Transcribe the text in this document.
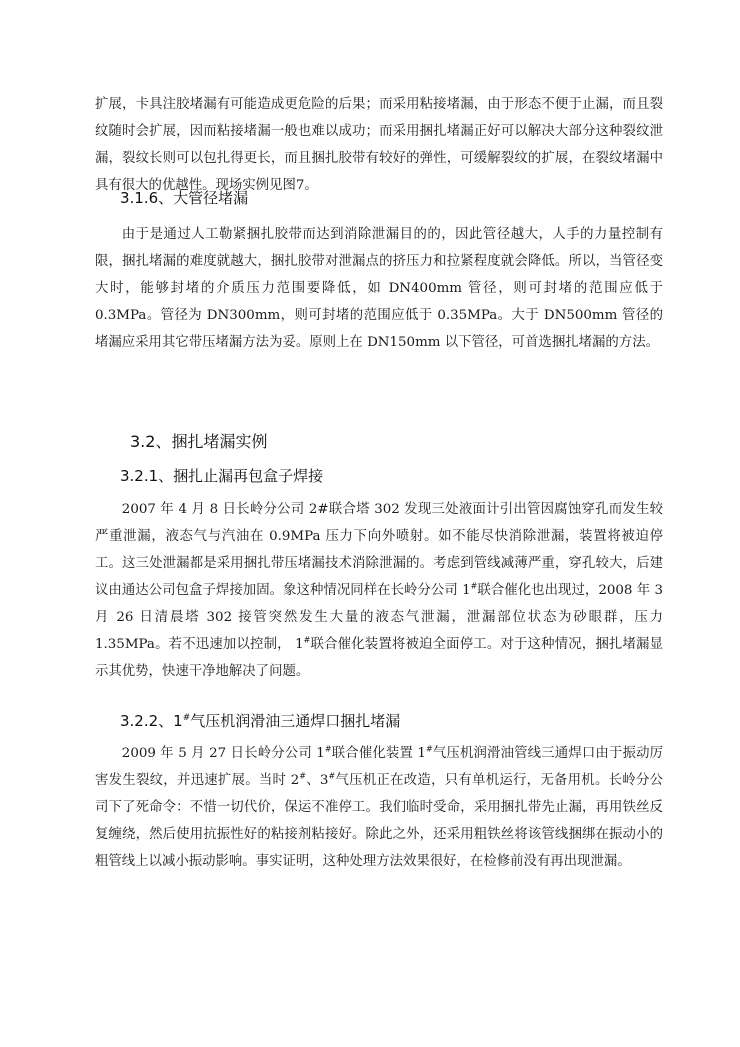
扩展，卡具注胶堵漏有可能造成更危险的后果；而采用粘接堵漏，由于形态不便于止漏，而且裂纹随时会扩展，因而粘接堵漏一般也难以成功；而采用捆扎堵漏正好可以解决大部分这种裂纹泄漏，裂纹长则可以包扎得更长，而且捆扎胶带有较好的弹性，可缓解裂纹的扩展，在裂纹堵漏中具有很大的优越性。现场实例见图7。

3.1.6、大管径堵漏

由于是通过人工勒紧捆扎胶带而达到消除泄漏目的的，因此管径越大，人手的力量控制有限，捆扎堵漏的难度就越大，捆扎胶带对泄漏点的挤压力和拉紧程度就会降低。所以，当管径变大时，能够封堵的介质压力范围要降低，如 DN400mm 管径，则可封堵的范围应低于 0.3MPa。管径为 DN300mm，则可封堵的范围应低于 0.35MPa。大于 DN500mm 管径的堵漏应采用其它带压堵漏方法为妥。原则上在 DN150mm 以下管径，可首选捆扎堵漏的方法。

3.2、捆扎堵漏实例
3.2.1、捆扎止漏再包盒子焊接

2007 年 4 月 8 日长岭分公司 2#联合塔 302 发现三处液面计引出管因腐蚀穿孔而发生较严重泄漏，液态气与汽油在 0.9MPa 压力下向外喷射。如不能尽快消除泄漏，装置将被迫停工。这三处泄漏都是采用捆扎带压堵漏技术消除泄漏的。考虑到管线减薄严重，穿孔较大，后建议由通达公司包盒子焊接加固。象这种情况同样在长岭分公司 1#联合催化也出现过，2008 年 3 月 26 日清晨塔 302 接管突然发生大量的液态气泄漏，泄漏部位状态为砂眼群，压力 1.35MPa。若不迅速加以控制， 1#联合催化装置将被迫全面停工。对于这种情况，捆扎堵漏显示其优势，快速干净地解决了问题。

3.2.2、1#气压机润滑油三通焊口捆扎堵漏

2009 年 5 月 27 日长岭分公司 1#联合催化装置 1#气压机润滑油管线三通焊口由于振动厉害发生裂纹，并迅速扩展。当时 2#、3#气压机正在改造，只有单机运行，无备用机。长岭分公司下了死命令：不惜一切代价，保运不准停工。我们临时受命，采用捆扎带先止漏，再用铁丝反复缠绕，然后使用抗振性好的粘接剂粘接好。除此之外，还采用粗铁丝将该管线捆绑在振动小的粗管线上以减小振动影响。事实证明，这种处理方法效果很好，在检修前没有再出现泄漏。
